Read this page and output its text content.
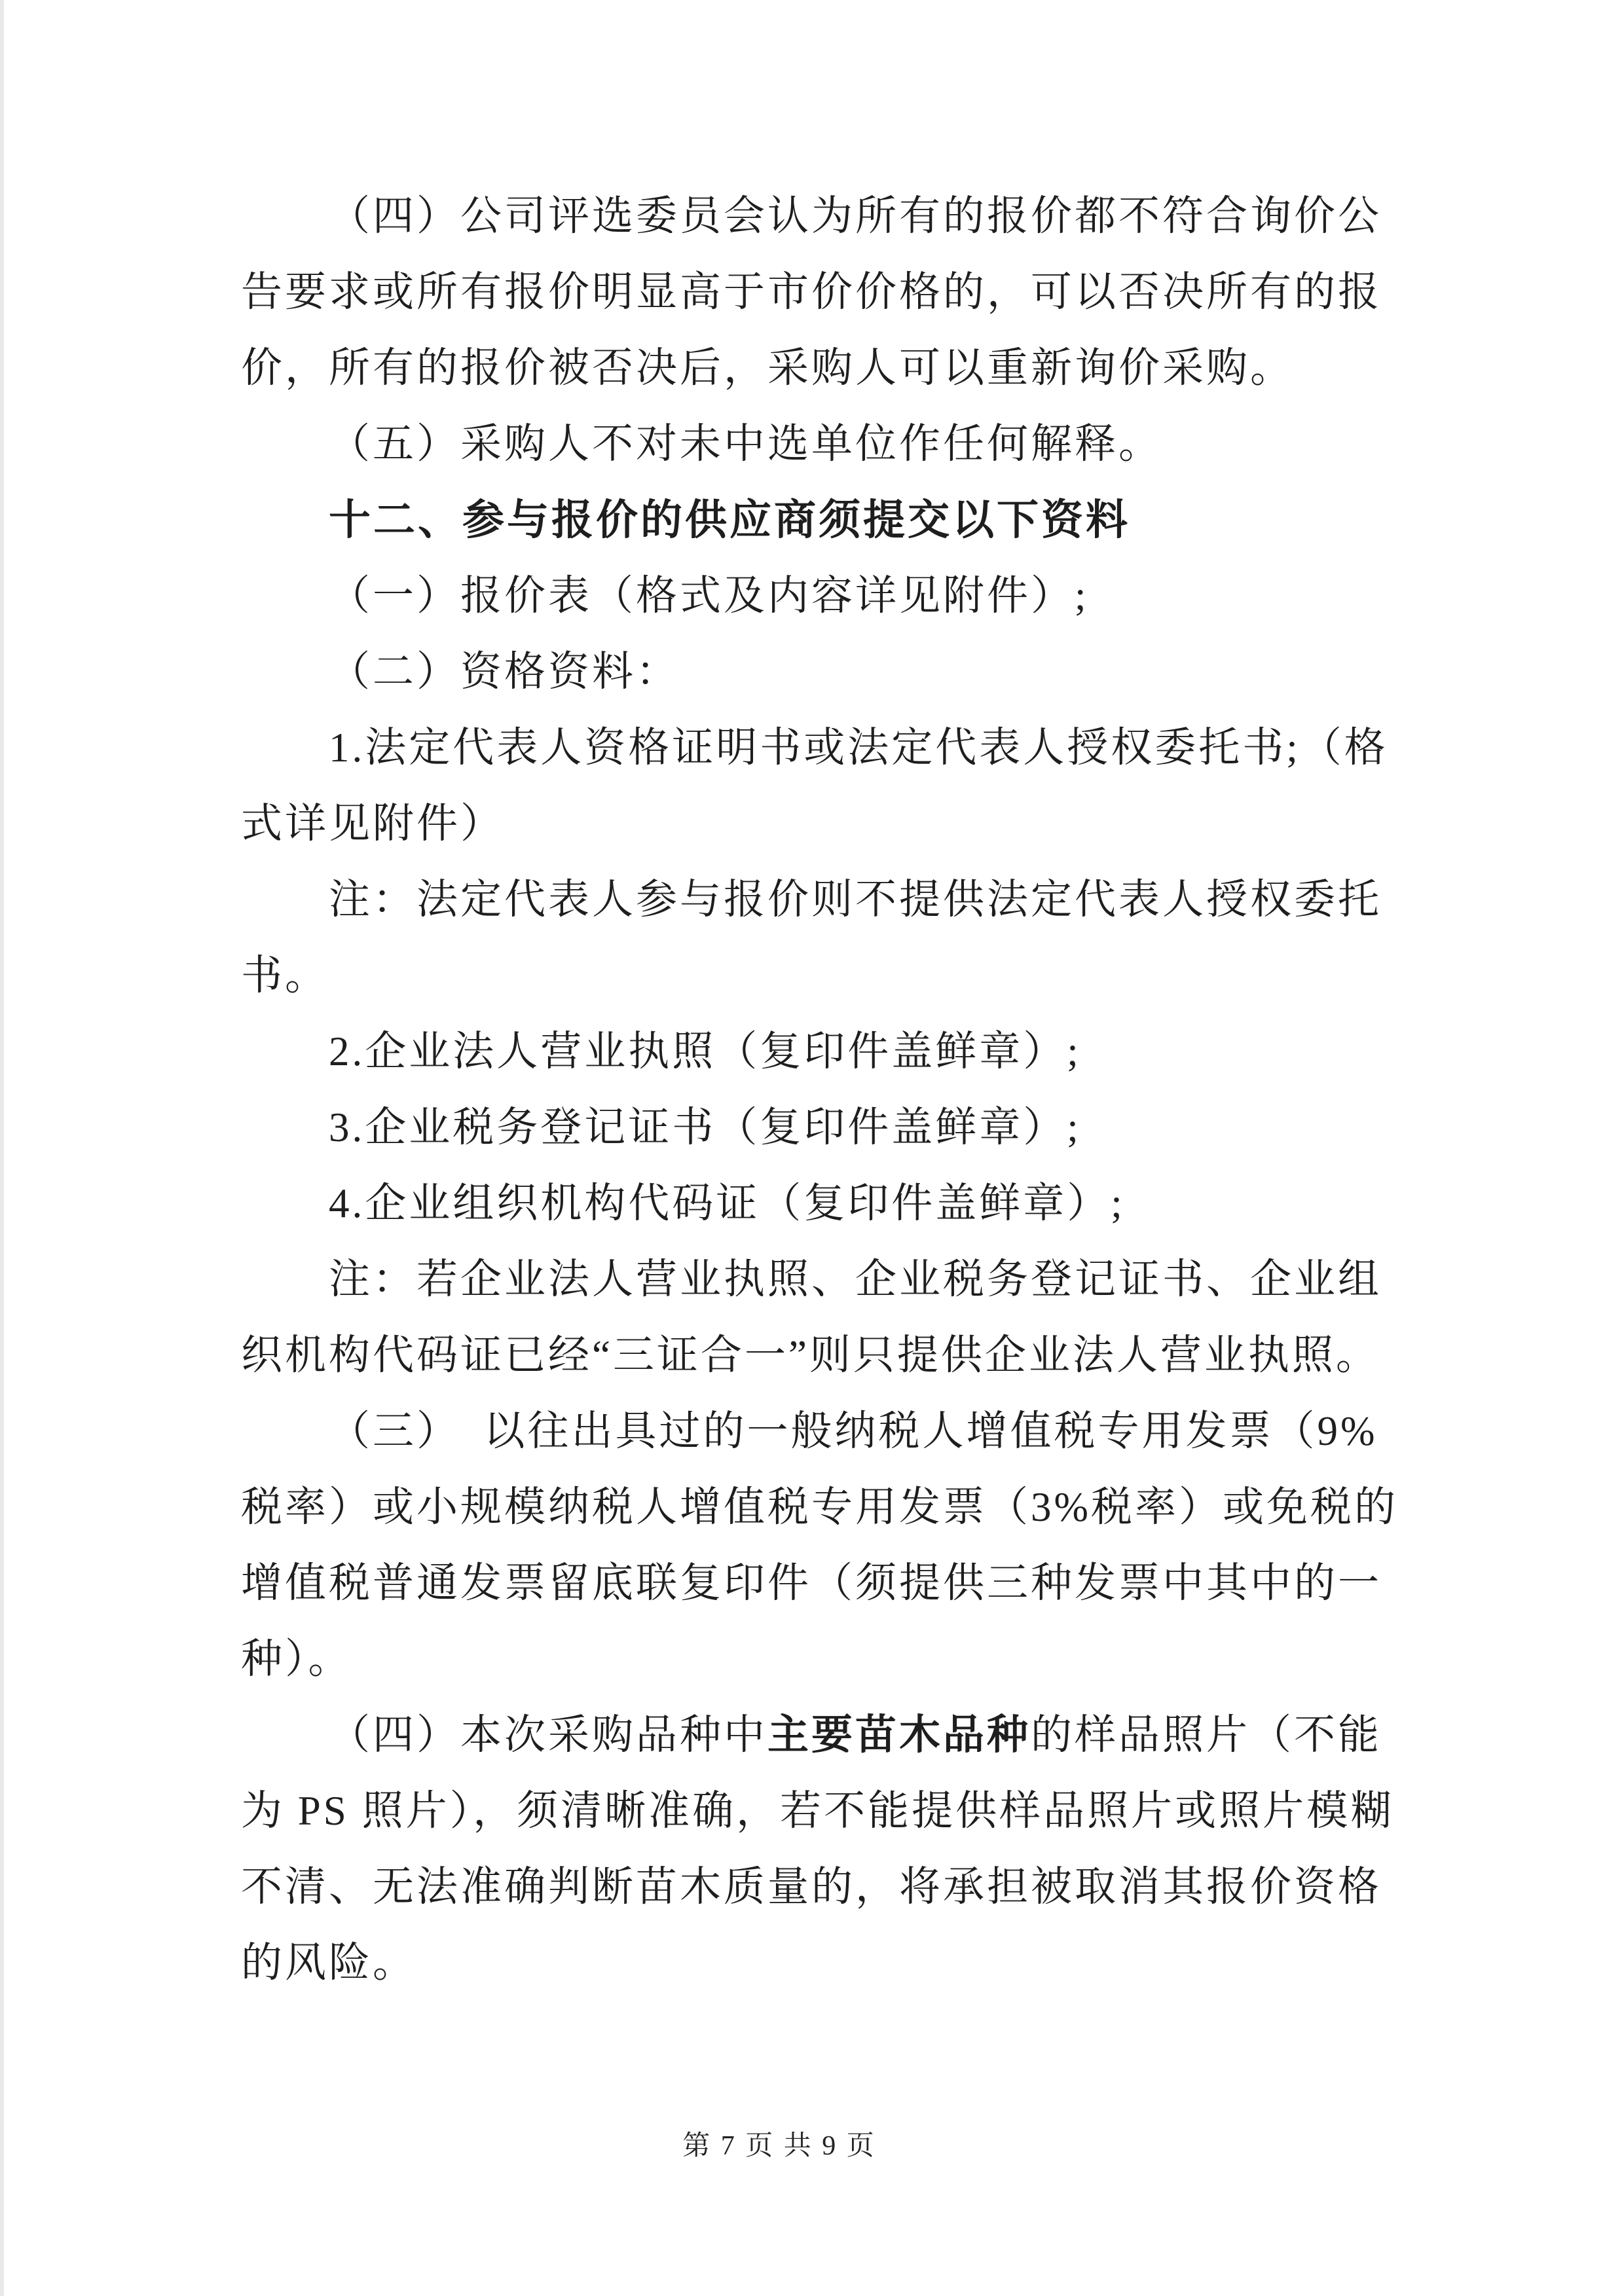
（四）公司评选委员会认为所有的报价都不符合询价公
告要求或所有报价明显高于市价价格的，可以否决所有的报
价，所有的报价被否决后，采购人可以重新询价采购。
（五）采购人不对未中选单位作任何解释。
十二、参与报价的供应商须提交以下资料
（一）报价表（格式及内容详见附件）;
（二）资格资料：
1.法定代表人资格证明书或法定代表人授权委托书;（格
式详见附件）
注：法定代表人参与报价则不提供法定代表人授权委托
书。
2.企业法人营业执照（复印件盖鲜章）;
3.企业税务登记证书（复印件盖鲜章）;
4.企业组织机构代码证（复印件盖鲜章）;
注：若企业法人营业执照、企业税务登记证书、企业组
织机构代码证已经“三证合一”则只提供企业法人营业执照。
（三）　以往出具过的一般纳税人增值税专用发票（9%
税率）或小规模纳税人增值税专用发票（3%税率）或免税的
增值税普通发票留底联复印件（须提供三种发票中其中的一
种）。
（四）本次采购品种中主要苗木品种的样品照片（不能
为 PS 照片），须清晰准确，若不能提供样品照片或照片模糊
不清、无法准确判断苗木质量的，将承担被取消其报价资格
的风险。
第 7 页 共 9 页
